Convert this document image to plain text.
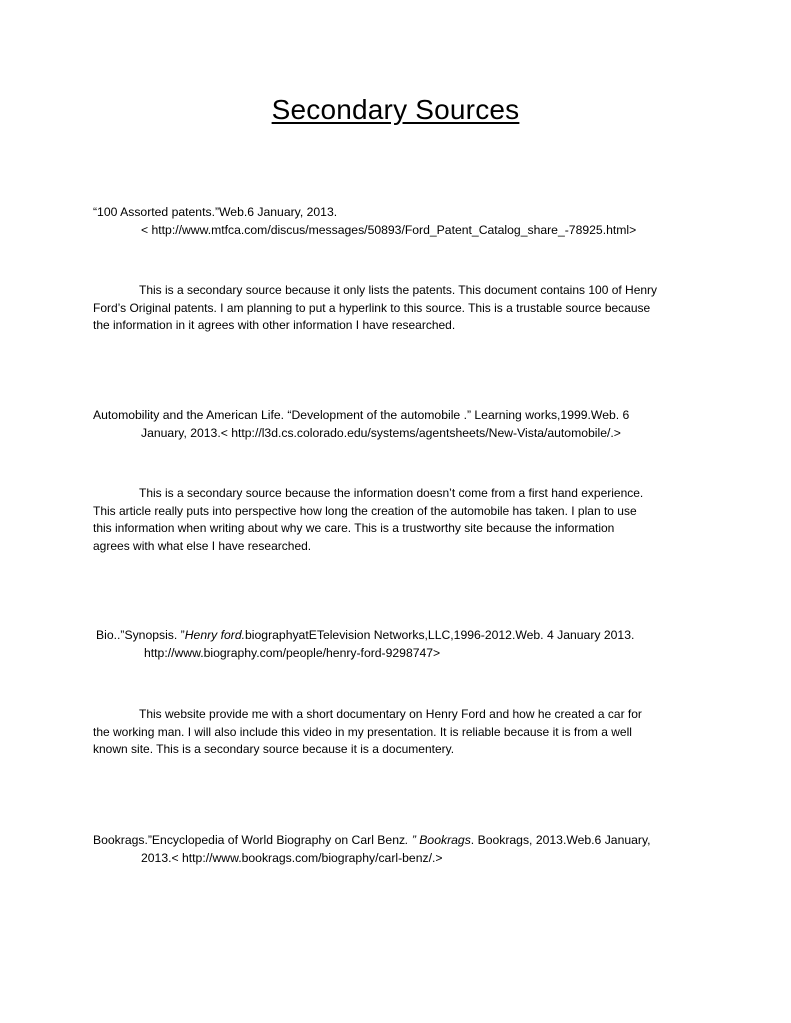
Secondary Sources
“100 Assorted patents.”Web.6 January, 2013.
< http://www.mtfca.com/discus/messages/50893/Ford_Patent_Catalog_share_-78925.html>
This is a secondary source because it only lists the patents. This document contains 100 of Henry
Ford’s Original patents. I am planning to put a hyperlink to this source. This is a trustable source because
the information in it agrees with other information I have researched.
Automobility and the American Life. “Development of the automobile .” Learning works,1999.Web. 6
January, 2013.< http://l3d.cs.colorado.edu/systems/agentsheets/New-Vista/automobile/.>
This is a secondary source because the information doesn’t come from a first hand experience.
This article really puts into perspective how long the creation of the automobile has taken. I plan to use
this information when writing about why we care. This is a trustworthy site because the information
agrees with what else I have researched.
Bio..”Synopsis. ”Henry ford.biographyatETelevision Networks,LLC,1996-2012.Web. 4 January 2013.
http://www.biography.com/people/henry-ford-9298747>
This website provide me with a short documentary on Henry Ford and how he created a car for
the working man. I will also include this video in my presentation. It is reliable because it is from a well
known site. This is a secondary source because it is a documentery.
Bookrags.”Encyclopedia of World Biography on Carl Benz. ” Bookrags. Bookrags, 2013.Web.6 January,
2013.< http://www.bookrags.com/biography/carl-benz/.>
